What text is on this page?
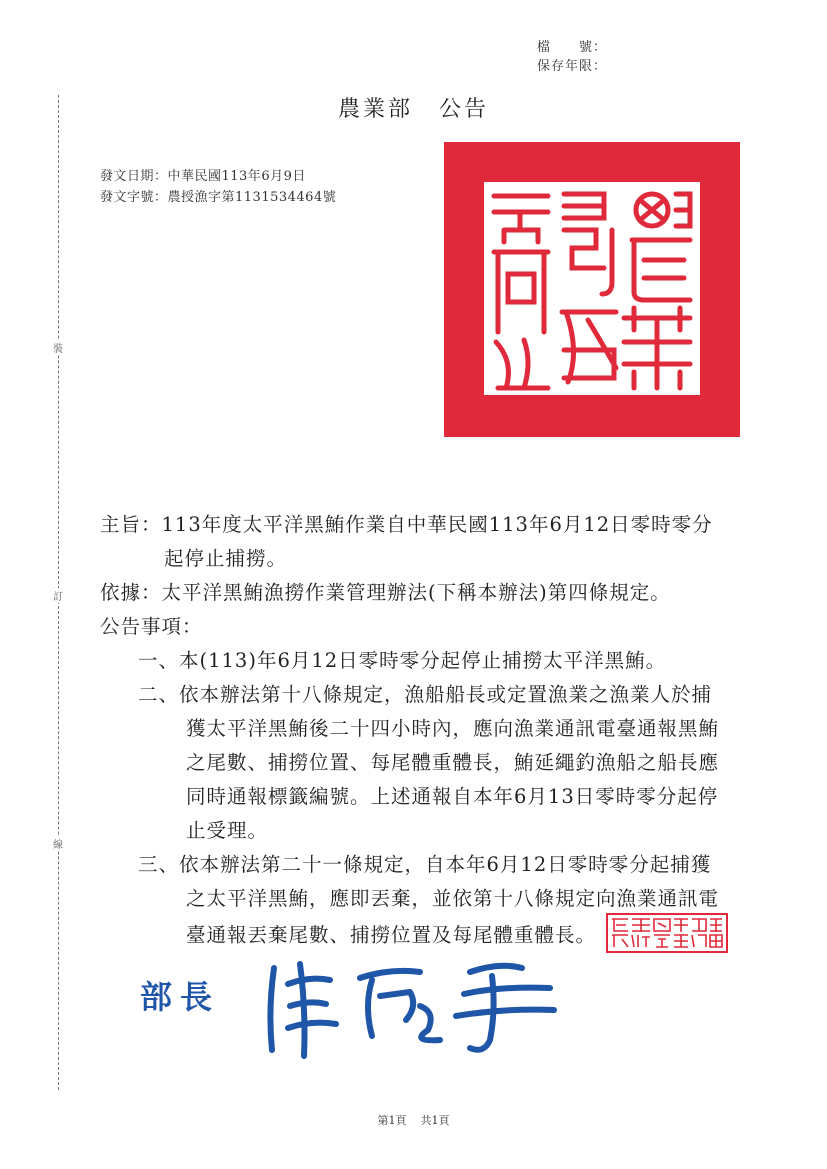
檔　　號：
保存年限：
農業部 公告
裝
訂
線
發文日期：中華民國113年6月9日
發文字號：農授漁字第1131534464號
主旨：113年度太平洋黑鮪作業自中華民國113年6月12日零時零分
起停止捕撈。
依據：太平洋黑鮪漁撈作業管理辦法(下稱本辦法)第四條規定。
公告事項：
一、本(113)年6月12日零時零分起停止捕撈太平洋黑鮪。
二、依本辦法第十八條規定，漁船船長或定置漁業之漁業人於捕
獲太平洋黑鮪後二十四小時內，應向漁業通訊電臺通報黑鮪
之尾數、捕撈位置、每尾體重體長，鮪延繩釣漁船之船長應
同時通報標籤編號。上述通報自本年6月13日零時零分起停
止受理。
三、依本辦法第二十一條規定，自本年6月12日零時零分起捕獲
之太平洋黑鮪，應即丟棄，並依第十八條規定向漁業通訊電
臺通報丟棄尾數、捕撈位置及每尾體重體長。
部長
第1頁 共1頁
